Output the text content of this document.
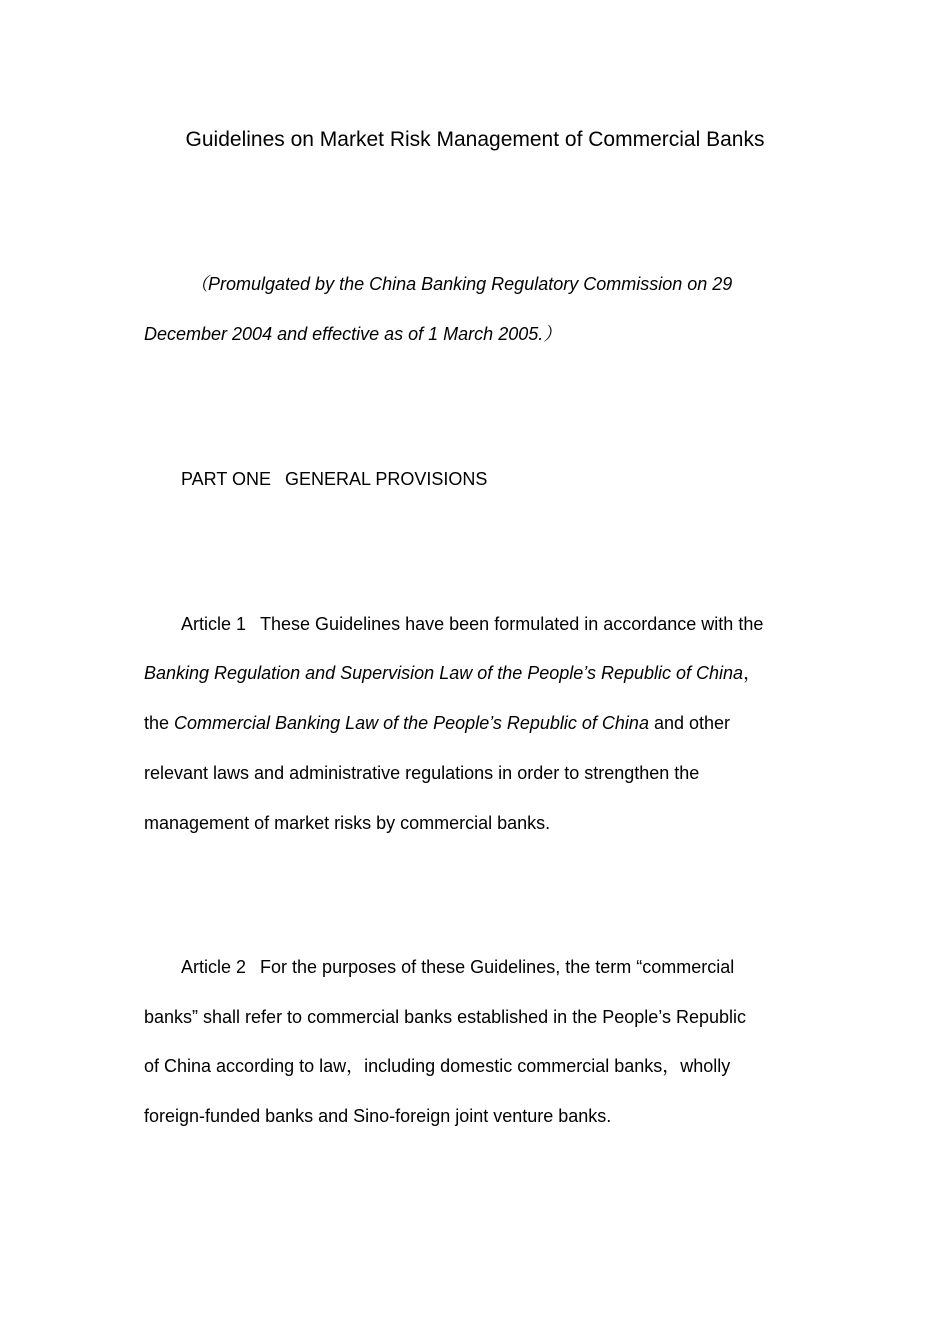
Guidelines on Market Risk Management of Commercial Banks
（Promulgated by the China Banking Regulatory Commission on 29
December 2004 and effective as of 1 March 2005.）
PART ONE GENERAL PROVISIONS
Article 1 These Guidelines have been formulated in accordance with the
Banking Regulation and Supervision Law of the People’s Republic of China，
the Commercial Banking Law of the People’s Republic of China and other
relevant laws and administrative regulations in order to strengthen the
management of market risks by commercial banks.
Article 2 For the purposes of these Guidelines, the term “commercial
banks” shall refer to commercial banks established in the People’s Republic
of China according to law，including domestic commercial banks，wholly
foreign-funded banks and Sino-foreign joint venture banks.
